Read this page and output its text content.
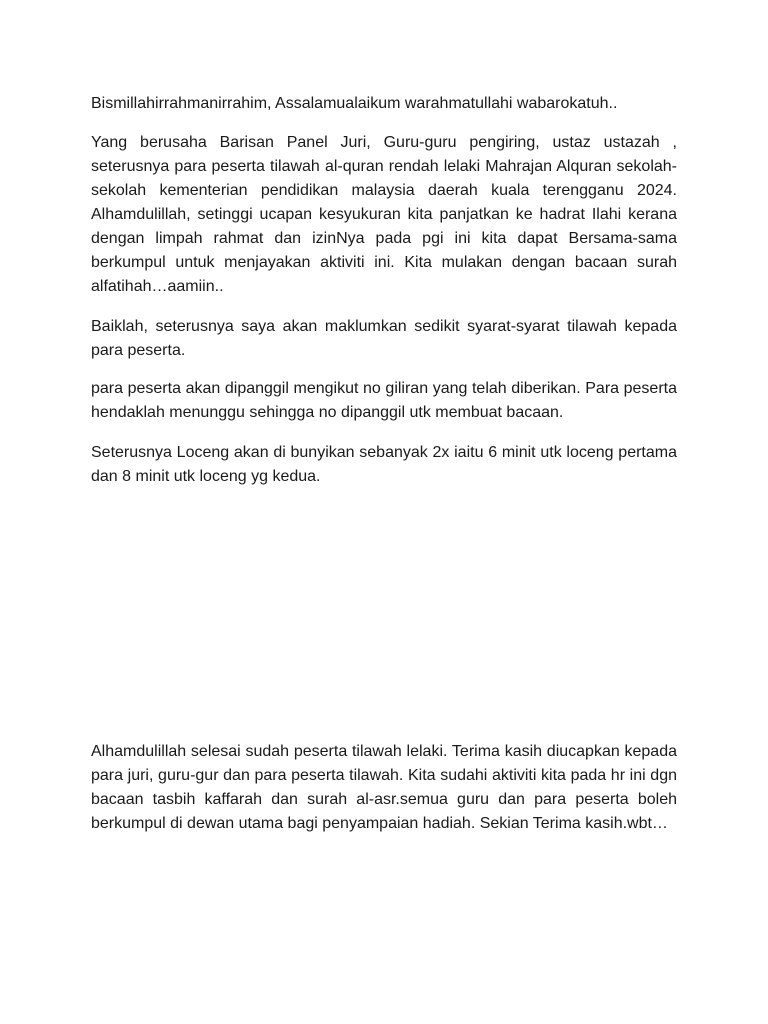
Bismillahirrahmanirrahim, Assalamualaikum warahmatullahi wabarokatuh..

Yang berusaha Barisan Panel Juri, Guru-guru pengiring, ustaz ustazah , seterusnya para peserta tilawah al-quran rendah lelaki Mahrajan Alquran sekolah-sekolah kementerian pendidikan malaysia daerah kuala terengganu 2024. Alhamdulillah, setinggi ucapan kesyukuran kita panjatkan ke hadrat Ilahi kerana dengan limpah rahmat dan izinNya pada pgi ini kita dapat Bersama-sama berkumpul untuk menjayakan aktiviti ini. Kita mulakan dengan bacaan surah alfatihah…aamiin..

Baiklah, seterusnya saya akan maklumkan sedikit syarat-syarat tilawah kepada para peserta.

para peserta akan dipanggil mengikut no giliran yang telah diberikan. Para peserta hendaklah menunggu sehingga no dipanggil utk membuat bacaan.

Seterusnya Loceng akan di bunyikan sebanyak 2x iaitu 6 minit utk loceng pertama dan 8 minit utk loceng yg kedua.

Alhamdulillah selesai sudah peserta tilawah lelaki. Terima kasih diucapkan kepada para juri, guru-gur dan para peserta tilawah. Kita sudahi aktiviti kita pada hr ini dgn bacaan tasbih kaffarah dan surah al-asr.semua guru dan para peserta boleh berkumpul di dewan utama bagi penyampaian hadiah. Sekian Terima kasih.wbt…
